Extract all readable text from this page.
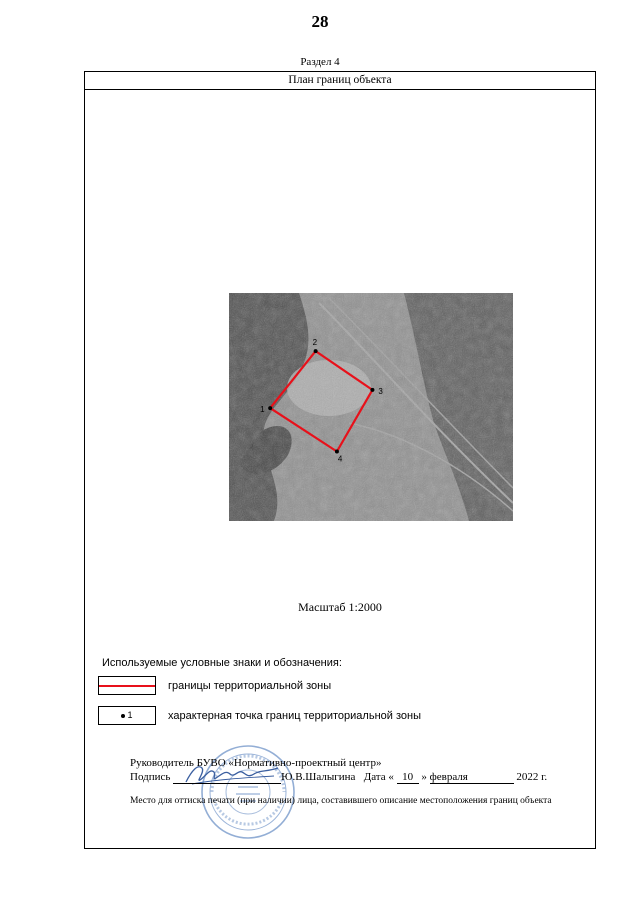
28
Раздел 4
План границ объекта
1
2
3
4
Масштаб 1:2000
Используемые условные знаки и обозначения:
границы территориальной зоны
1	характерная точка границ территориальной зоны
Руководитель БУВО «Нормативно-проектный центр»
Подпись	Ю.В.Шалыгина Дата « 10 » февраля	2022 г.
Место для оттиска печати (при наличии) лица, составившего описание местоположения границ объекта
